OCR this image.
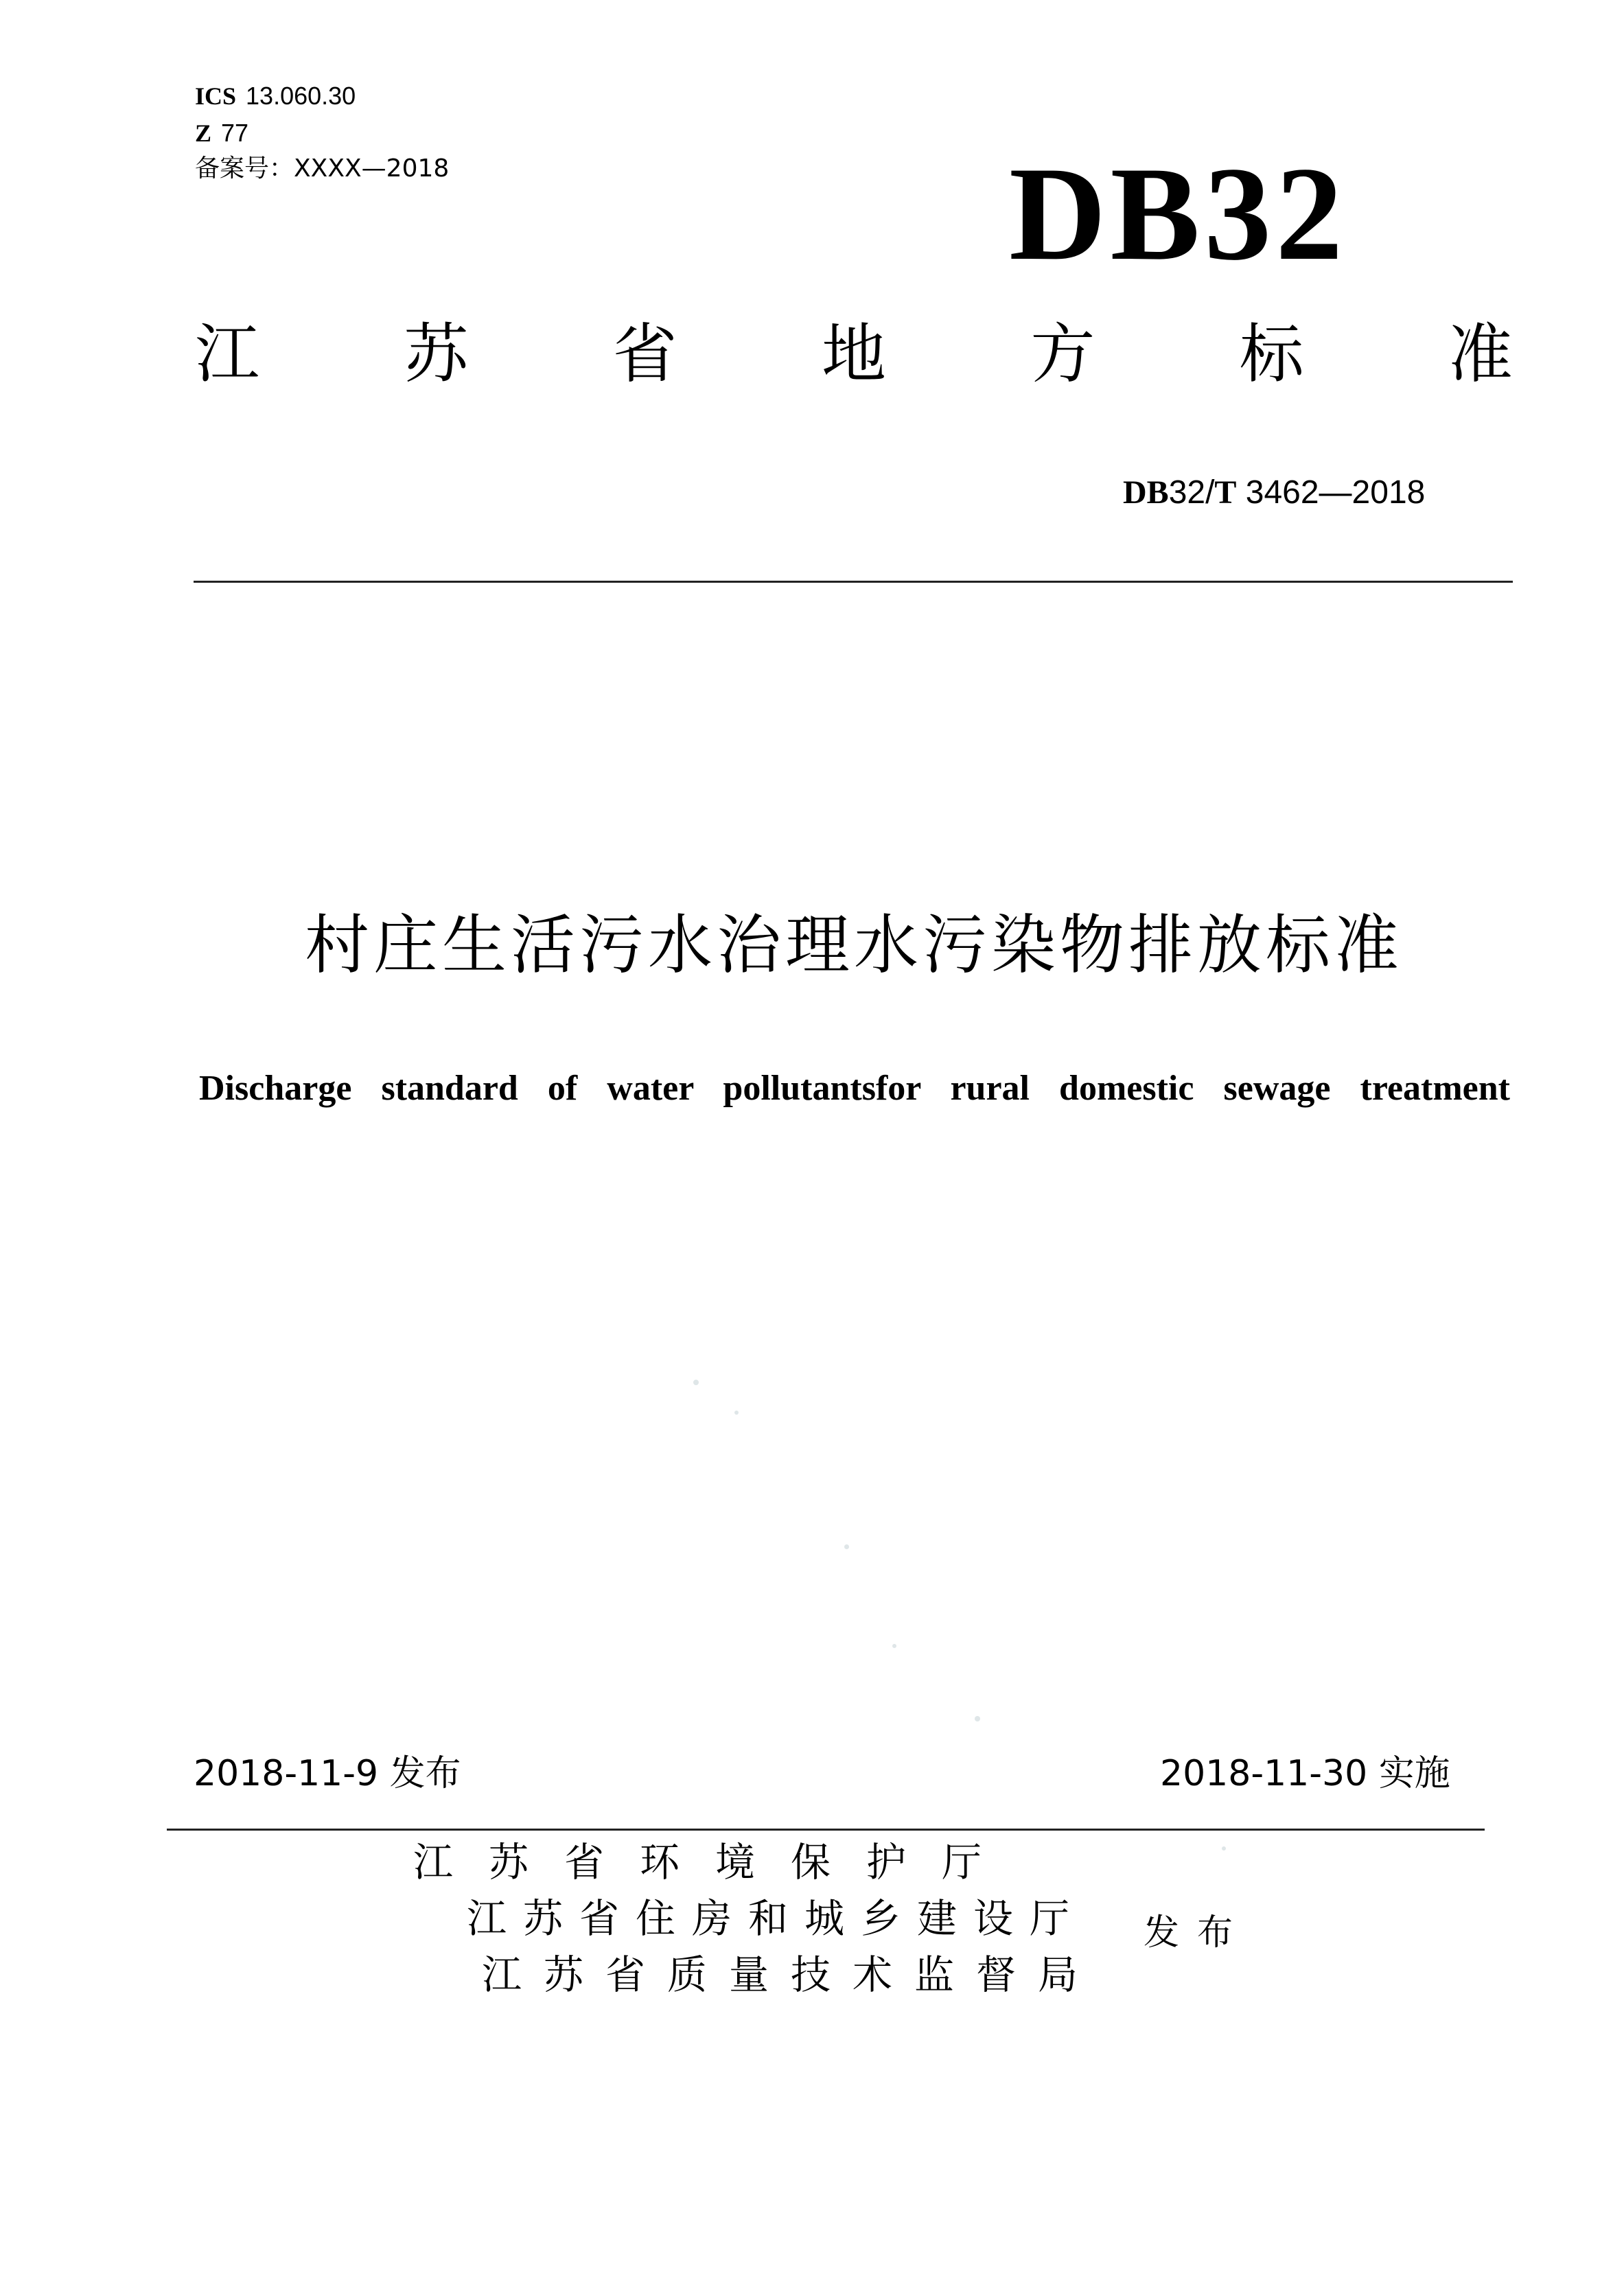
ICS 13.060.30
Z 77
备案号：XXXX—2018	DB32
江 苏 省 地 方 标 准
DB32/T 3462—2018
村庄生活污水治理水污染物排放标准
Discharge standard of water pollutantsfor rural domestic sewage treatment
2018-11-9 发布	2018-11-30 实施
江苏省环境保护厅
江苏省住房和城乡建设厅
江苏省质量技术监督局
发布
